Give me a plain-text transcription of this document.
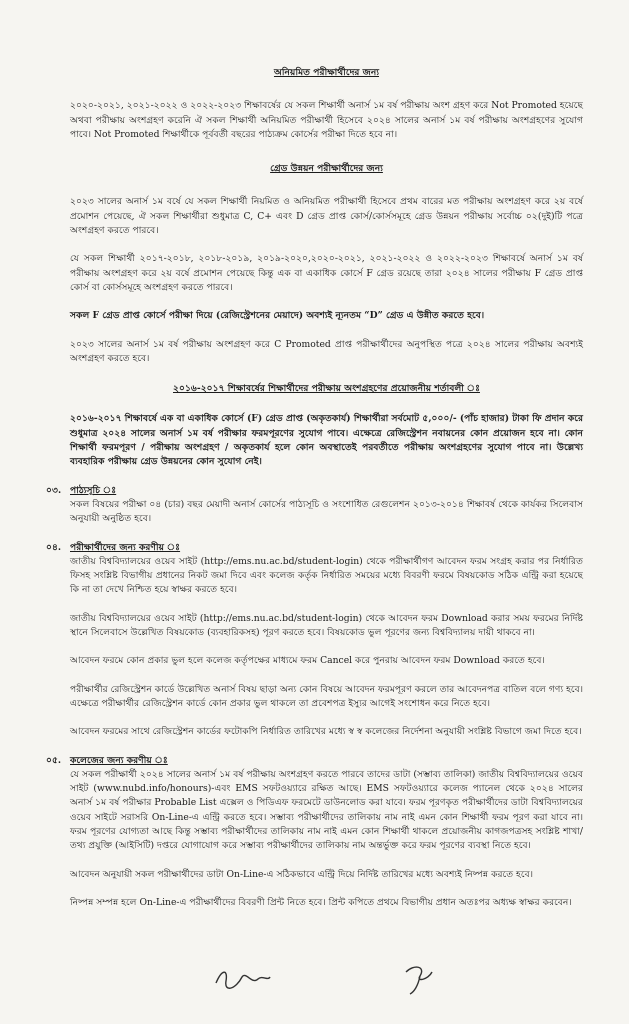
অনিয়মিত পরীক্ষার্থীদের জন্য

২০২০-২০২১, ২০২১-২০২২ ও ২০২২-২০২৩ শিক্ষাবর্ষের যে সকল শিক্ষার্থী অনার্স ১ম বর্ষ পরীক্ষায় অংশ গ্রহণ করে Not Promoted হয়েছে অথবা পরীক্ষায় অংশগ্রহণ করেনি ঐ সকল শিক্ষার্থী অনিয়মিত পরীক্ষার্থী হিসেবে ২০২৪ সালের অনার্স ১ম বর্ষ পরীক্ষায় অংশগ্রহণের সুযোগ পাবে। Not Promoted শিক্ষার্থীকে পূর্ববর্তী বছরের পাঠ্যক্রম কোর্সের পরীক্ষা দিতে হবে না।

গ্রেড উন্নয়ন পরীক্ষার্থীদের জন্য

২০২৩ সালের অনার্স ১ম বর্ষে যে সকল শিক্ষার্থী নিয়মিত ও অনিয়মিত পরীক্ষার্থী হিসেবে প্রথম বারের মত পরীক্ষায় অংশগ্রহণ করে ২য় বর্ষে প্রমোশন পেয়েছে, ঐ সকল শিক্ষার্থীরা শুধুমাত্র C, C+ এবং D গ্রেড প্রাপ্ত কোর্স/কোর্সসমূহে গ্রেড উন্নয়ন পরীক্ষায় সর্বোচ্চ ০২(দুই)টি পত্রে অংশগ্রহণ করতে পারবে।

যে সকল শিক্ষার্থী ২০১৭-২০১৮, ২০১৮-২০১৯, ২০১৯-২০২০,২০২০-২০২১, ২০২১-২০২২ ও ২০২২-২০২৩ শিক্ষাবর্ষে অনার্স ১ম বর্ষ পরীক্ষায় অংশগ্রহণ করে ২য় বর্ষে প্রমোশন পেয়েছে কিন্তু এক বা একাধিক কোর্সে F গ্রেড রয়েছে তারা ২০২৪ সালের পরীক্ষায় F গ্রেড প্রাপ্ত কোর্স বা কোর্সসমূহে অংশগ্রহণ করতে পারবে।

সকল F গ্রেড প্রাপ্ত কোর্সে পরীক্ষা দিয়ে (রেজিস্ট্রেশনের মেয়াদে) অবশ্যই ন্যূনতম “D” গ্রেড এ উন্নীত করতে হবে।

২০২৩ সালের অনার্স ১ম বর্ষ পরীক্ষায় অংশগ্রহণ করে C Promoted প্রাপ্ত পরীক্ষার্থীদের অনুপস্থিত পত্রে ২০২৪ সালের পরীক্ষায় অবশ্যই অংশগ্রহণ করতে হবে।

২০১৬-২০১৭ শিক্ষাবর্ষের শিক্ষার্থীদের পরীক্ষায় অংশগ্রহণের প্রয়োজনীয় শর্তাবলী ঃ

২০১৬-২০১৭ শিক্ষাবর্ষে এক বা একাধিক কোর্সে (F) গ্রেড প্রাপ্ত (অকৃতকার্য) শিক্ষার্থীরা সর্বমোট ৫,০০০/- (পাঁচ হাজার) টাকা ফি প্রদান করে শুধুমাত্র ২০২৪ সালের অনার্স ১ম বর্ষ পরীক্ষার ফরমপূরণের সুযোগ পাবে। এক্ষেত্রে রেজিস্ট্রেশন নবায়নের কোন প্রয়োজন হবে না। কোন শিক্ষার্থী ফরমপূরণ / পরীক্ষায় অংশগ্রহণ / অকৃতকার্য হলে কোন অবস্থাতেই পরবর্তীতে পরীক্ষায় অংশগ্রহণের সুযোগ পাবে না। উল্লেখ্য ব্যবহারিক পরীক্ষায় গ্রেড উন্নয়নের কোন সুযোগ নেই।

০৩. পাঠ্যসূচি ঃ

সকল বিষয়ের পরীক্ষা ০৪ (চার) বছর মেয়াদী অনার্স কোর্সের পাঠ্যসূচি ও সংশোধিত রেগুলেশন ২০১৩-২০১৪ শিক্ষাবর্ষ থেকে কার্যকর সিলেবাস অনুযায়ী অনুষ্ঠিত হবে।

০৪. পরীক্ষার্থীদের জন্য করণীয় ঃ

জাতীয় বিশ্ববিদ্যালয়ের ওয়েব সাইট (http://ems.nu.ac.bd/student-login) থেকে পরীক্ষার্থীগণ আবেদন ফরম সংগ্রহ করার পর নির্ধারিত ফিসহ সংশ্লিষ্ট বিভাগীয় প্রধানের নিকট জমা দিবে এবং কলেজ কর্তৃক নির্ধারিত সময়ের মধ্যে বিবরণী ফরমে বিষয়কোড সঠিক এন্ট্রি করা হয়েছে কি না তা দেখে নিশ্চিত হয়ে স্বাক্ষর করতে হবে।

জাতীয় বিশ্ববিদ্যালয়ের ওয়েব সাইট (http://ems.nu.ac.bd/student-login) থেকে আবেদন ফরম Download করার সময় ফরমের নির্দিষ্ট স্থানে সিলেবাসে উল্লেখিত বিষয়কোড (ব্যবহারিকসহ) পূরণ করতে হবে। বিষয়কোড ভুল পূরণের জন্য বিশ্ববিদ্যালয় দায়ী থাকবে না।

আবেদন ফরমে কোন প্রকার ভুল হলে কলেজ কর্তৃপক্ষের মাধ্যমে ফরম Cancel করে পুনরায় আবেদন ফরম Download করতে হবে।

পরীক্ষার্থীর রেজিস্ট্রেশন কার্ডে উল্লেখিত অনার্স বিষয় ছাড়া অন্য কোন বিষয়ে আবেদন ফরমপূরণ করলে তার আবেদনপত্র বাতিল বলে গণ্য হবে। এক্ষেত্রে পরীক্ষার্থীর রেজিস্ট্রেশন কার্ডে কোন প্রকার ভুল থাকলে তা প্রবেশপত্র ইস্যুর আগেই সংশোধন করে নিতে হবে।

আবেদন ফরমের সাথে রেজিস্ট্রেশন কার্ডের ফটোকপি নির্ধারিত তারিখের মধ্যে স্ব স্ব কলেজের নির্দেশনা অনুযায়ী সংশ্লিষ্ট বিভাগে জমা দিতে হবে।

০৫. কলেজের জন্য করণীয় ঃ

যে সকল পরীক্ষার্থী ২০২৪ সালের অনার্স ১ম বর্ষ পরীক্ষায় অংশগ্রহণ করতে পারবে তাদের ডাটা (সম্ভাব্য তালিকা) জাতীয় বিশ্ববিদ্যালয়ের ওয়েব সাইট (www.nubd.info/honours)-এবং EMS সফটওয়্যারে রক্ষিত আছে। EMS সফটওয়্যারে কলেজ প্যানেল থেকে ২০২৪ সালের অনার্স ১ম বর্ষ পরীক্ষার Probable List এক্সেল ও পিডিএফ ফরমেটে ডাউনলোড করা যাবে। ফরম পূরণকৃত পরীক্ষার্থীদের ডাটা বিশ্ববিদ্যালয়ের ওয়েব সাইটে সরাসরি On-Line-এ এন্ট্রি করতে হবে। সম্ভাব্য পরীক্ষার্থীদের তালিকায় নাম নাই এমন কোন শিক্ষার্থী ফরম পূরণ করা যাবে না। ফরম পূরণের যোগ্যতা আছে কিন্তু সম্ভাব্য পরীক্ষার্থীদের তালিকায় নাম নাই এমন কোন শিক্ষার্থী থাকলে প্রয়োজনীয় কাগজপত্রসহ সংশ্লিষ্ট শাখা/তথ্য প্রযুক্তি (আইসিটি) দপ্তরে যোগাযোগ করে সম্ভাব্য পরীক্ষার্থীদের তালিকায় নাম অন্তর্ভুক্ত করে ফরম পূরণের ব্যবস্থা নিতে হবে।

আবেদন অনুযায়ী সকল পরীক্ষার্থীদের ডাটা On-Line-এ সঠিকভাবে এন্ট্রি দিয়ে নির্দিষ্ট তারিখের মধ্যে অবশ্যই নিষ্পন্ন করতে হবে।

নিষ্পন্ন সম্পন্ন হলে On-Line-এ পরীক্ষার্থীদের বিবরণী প্রিন্ট নিতে হবে। প্রিন্ট কপিতে প্রথমে বিভাগীয় প্রধান অতঃপর অধ্যক্ষ স্বাক্ষর করবেন।
